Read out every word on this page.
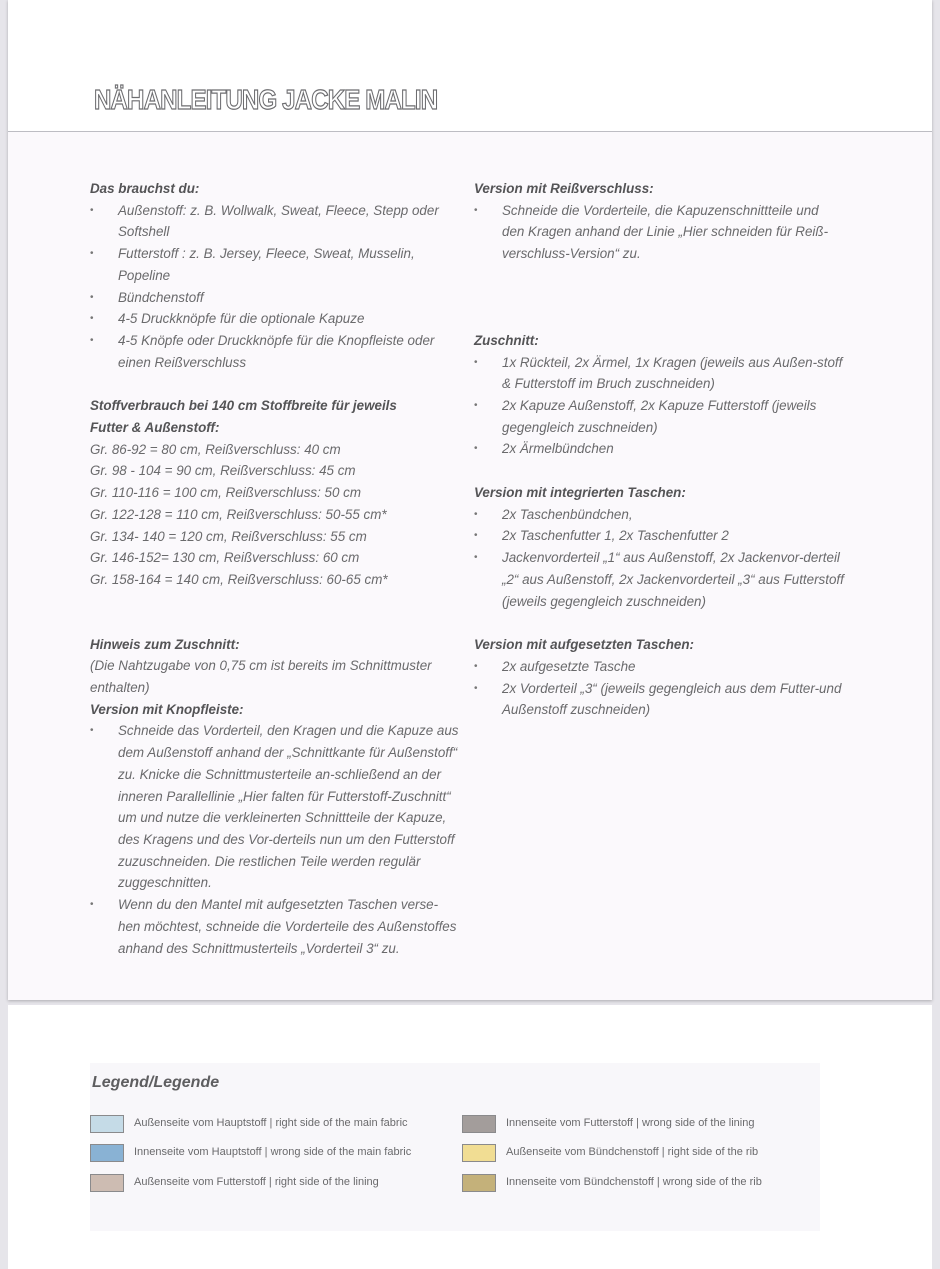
NÄHANLEITUNG JACKE MALIN
Das brauchst du:
• Außenstoff: z. B. Wollwalk, Sweat, Fleece, Stepp oder Softshell
• Futterstoff : z. B. Jersey, Fleece, Sweat, Musselin, Popeline
• Bündchenstoff
• 4-5 Druckknöpfe für die optionale Kapuze
• 4-5 Knöpfe oder Druckknöpfe für die Knopfleiste oder einen Reißverschluss
Stoffverbrauch bei 140 cm Stoffbreite für jeweils
Futter & Außenstoff:
Gr. 86-92 = 80 cm, Reißverschluss: 40 cm
Gr. 98 - 104 = 90 cm, Reißverschluss: 45 cm
Gr. 110-116 = 100 cm, Reißverschluss: 50 cm
Gr. 122-128 = 110 cm, Reißverschluss: 50-55 cm*
Gr. 134- 140 = 120 cm, Reißverschluss: 55 cm
Gr. 146-152= 130 cm, Reißverschluss: 60 cm
Gr. 158-164 = 140 cm, Reißverschluss: 60-65 cm*
Hinweis zum Zuschnitt:
(Die Nahtzugabe von 0,75 cm ist bereits im Schnittmuster
enthalten)
Version mit Knopfleiste:
• Schneide das Vorderteil, den Kragen und die Kapuze aus dem Außenstoff anhand der „Schnittkante für Außenstoff“ zu. Knicke die Schnittmusterteile an-schließend an der inneren Parallellinie „Hier falten für Futterstoff-Zuschnitt“ um und nutze die verkleinerten Schnittteile der Kapuze, des Kragens und des Vor-derteils nun um den Futterstoff zuzuschneiden. Die restlichen Teile werden regulär zuggeschnitten.
• Wenn du den Mantel mit aufgesetzten Taschen verse-hen möchtest, schneide die Vorderteile des Außenstoffes anhand des Schnittmusterteils „Vorderteil 3“ zu.
Version mit Reißverschluss:
• Schneide die Vorderteile, die Kapuzenschnittteile und den Kragen anhand der Linie „Hier schneiden für Reiß-verschluss-Version“ zu.
Zuschnitt:
• 1x Rückteil, 2x Ärmel, 1x Kragen (jeweils aus Außen-stoff & Futterstoff im Bruch zuschneiden)
• 2x Kapuze Außenstoff, 2x Kapuze Futterstoff (jeweils gegengleich zuschneiden)
• 2x Ärmelbündchen
Version mit integrierten Taschen:
• 2x Taschenbündchen,
• 2x Taschenfutter 1, 2x Taschenfutter 2
• Jackenvorderteil „1“ aus Außenstoff, 2x Jackenvor-derteil „2“ aus Außenstoff, 2x Jackenvorderteil „3“ aus Futterstoff (jeweils gegengleich zuschneiden)
Version mit aufgesetzten Taschen:
• 2x aufgesetzte Tasche
• 2x Vorderteil „3“ (jeweils gegengleich aus dem Futter-und Außenstoff zuschneiden)
Legend/Legende
Außenseite vom Hauptstoff | right side of the main fabric
Innenseite vom Hauptstoff | wrong side of the main fabric
Außenseite vom Futterstoff | right side of the lining
Innenseite vom Futterstoff | wrong side of the lining
Außenseite vom Bündchenstoff | right side of the rib
Innenseite vom Bündchenstoff | wrong side of the rib
